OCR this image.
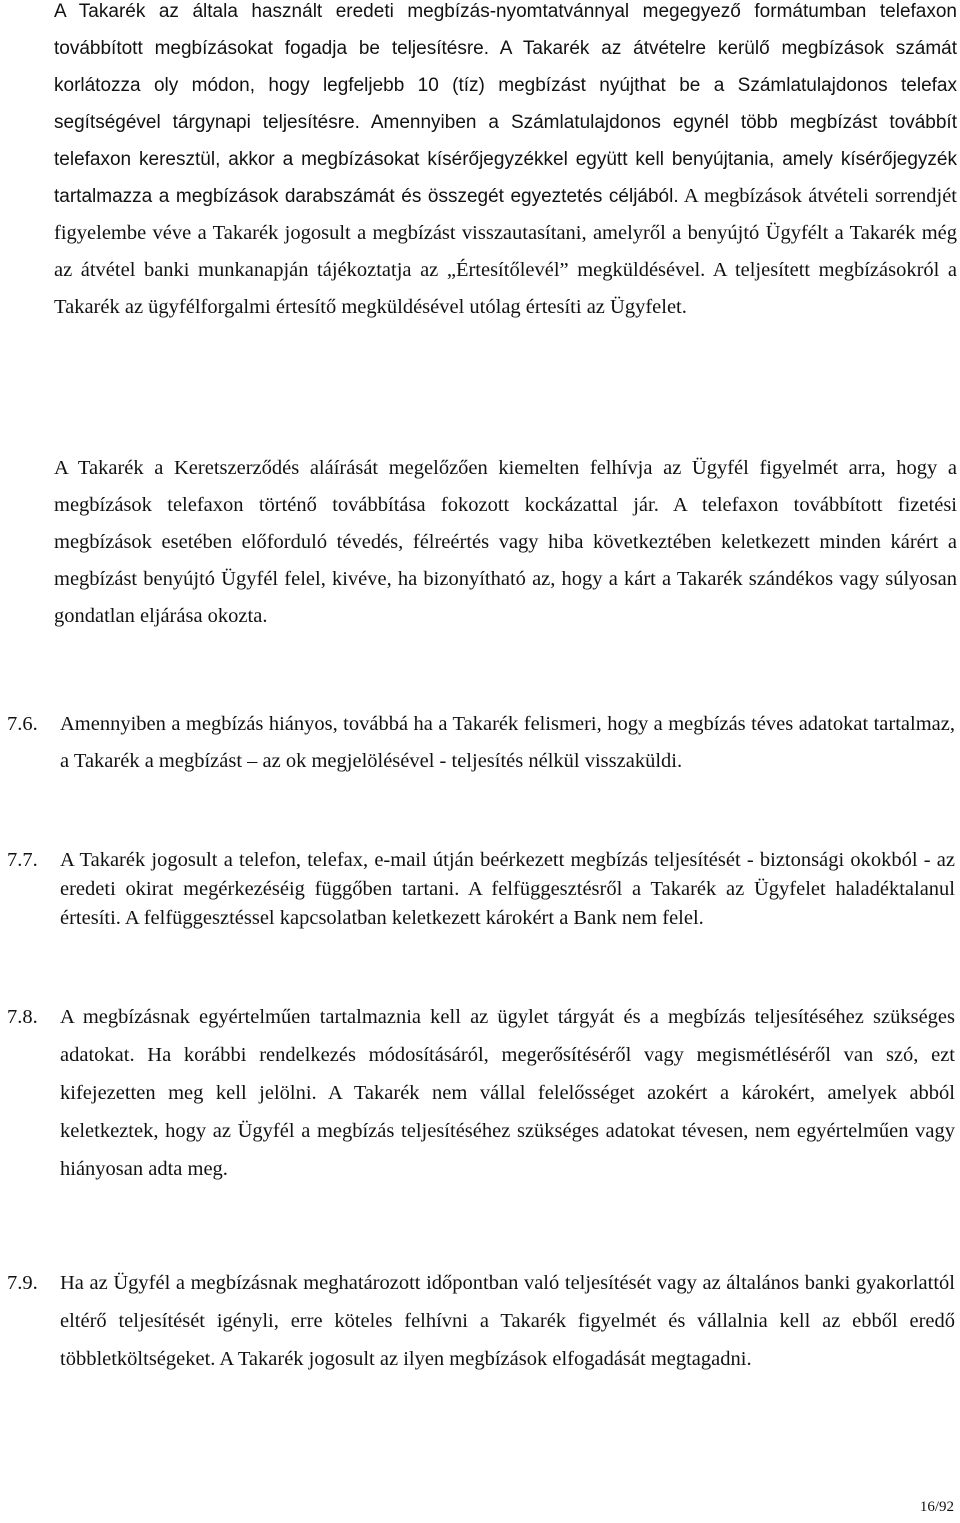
A Takarék az általa használt eredeti megbízás-nyomtatvánnyal megegyező formátumban telefaxon továbbított megbízásokat fogadja be teljesítésre. A Takarék az átvételre kerülő megbízások számát korlátozza oly módon, hogy legfeljebb 10 (tíz) megbízást nyújthat be a Számlatulajdonos telefax segítségével tárgynapi teljesítésre. Amennyiben a Számlatulajdonos egynél több megbízást továbbít telefaxon keresztül, akkor a megbízásokat kísérőjegyzékkel együtt kell benyújtania, amely kísérőjegyzék tartalmazza a megbízások darabszámát és összegét egyeztetés céljából. A megbízások átvételi sorrendjét figyelembe véve a Takarék jogosult a megbízást visszautasítani, amelyről a benyújtó Ügyfélt a Takarék még az átvétel banki munkanapján tájékoztatja az „Értesítőlevél” megküldésével. A teljesített megbízásokról a Takarék az ügyfélforgalmi értesítő megküldésével utólag értesíti az Ügyfelet.

A Takarék a Keretszerződés aláírását megelőzően kiemelten felhívja az Ügyfél figyelmét arra, hogy a megbízások telefaxon történő továbbítása fokozott kockázattal jár. A telefaxon továbbított fizetési megbízások esetében előforduló tévedés, félreértés vagy hiba következtében keletkezett minden kárért a megbízást benyújtó Ügyfél felel, kivéve, ha bizonyítható az, hogy a kárt a Takarék szándékos vagy súlyosan gondatlan eljárása okozta.

7.6. Amennyiben a megbízás hiányos, továbbá ha a Takarék felismeri, hogy a megbízás téves adatokat tartalmaz, a Takarék a megbízást – az ok megjelölésével - teljesítés nélkül visszaküldi.
7.7. A Takarék jogosult a telefon, telefax, e-mail útján beérkezett megbízás teljesítését - biztonsági okokból - az eredeti okirat megérkezéséig függőben tartani. A felfüggesztésről a Takarék az Ügyfelet haladéktalanul értesíti. A felfüggesztéssel kapcsolatban keletkezett károkért a Bank nem felel.
7.8. A megbízásnak egyértelműen tartalmaznia kell az ügylet tárgyát és a megbízás teljesítéséhez szükséges adatokat. Ha korábbi rendelkezés módosításáról, megerősítéséről vagy megismétléséről van szó, ezt kifejezetten meg kell jelölni. A Takarék nem vállal felelősséget azokért a károkért, amelyek abból keletkeztek, hogy az Ügyfél a megbízás teljesítéséhez szükséges adatokat tévesen, nem egyértelműen vagy hiányosan adta meg.
7.9. Ha az Ügyfél a megbízásnak meghatározott időpontban való teljesítését vagy az általános banki gyakorlattól eltérő teljesítését igényli, erre köteles felhívni a Takarék figyelmét és vállalnia kell az ebből eredő többletköltségeket. A Takarék jogosult az ilyen megbízások elfogadását megtagadni.
16/92
